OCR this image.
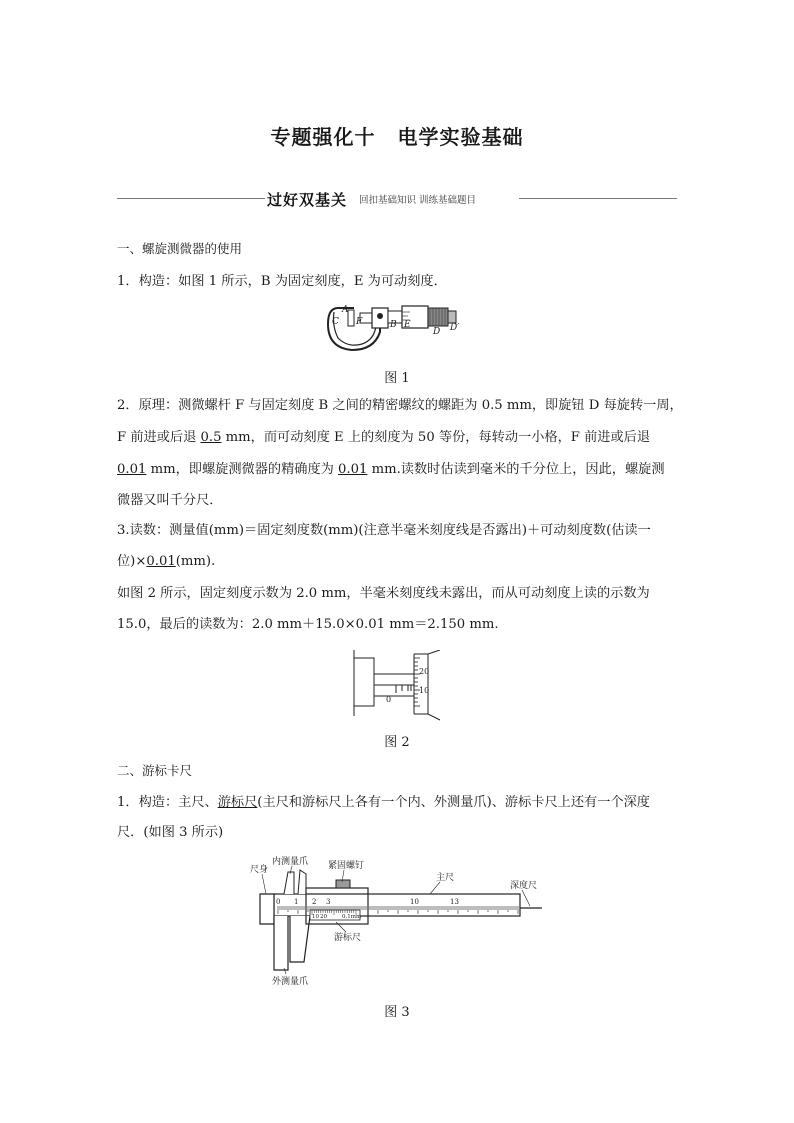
专题强化十 电学实验基础
过好双基关 回扣基础知识 训练基础题目
一、螺旋测微器的使用
1．构造：如图 1 所示，B 为固定刻度，E 为可动刻度．
A
C F	B E
D D′
图 1
2．原理：测微螺杆 F 与固定刻度 B 之间的精密螺纹的螺距为 0.5 mm，即旋钮 D 每旋转一周，
F 前进或后退 0.5 mm，而可动刻度 E 上的刻度为 50 等份，每转动一小格，F 前进或后退
0.01 mm，即螺旋测微器的精确度为 0.01 mm.读数时估读到毫米的千分位上，因此，螺旋测
微器又叫千分尺．
3.读数：测量值(mm)＝固定刻度数(mm)(注意半毫米刻度线是否露出)＋可动刻度数(估读一
位)×0.01(mm).
如图 2 所示，固定刻度示数为 2.0 mm，半毫米刻度线未露出，而从可动刻度上读的示数为
15.0，最后的读数为：2.0 mm＋15.0×0.01 mm＝2.150 mm.
20
10
0
图 2
二、游标卡尺
1．构造：主尺、游标尺(主尺和游标尺上各有一个内、外测量爪)、游标卡尺上还有一个深度
尺．(如图 3 所示)
0 1 2 3	10	13
10 20	0.1mm
尺身
内测量爪 紧固螺钉
主尺
深度尺
游标尺
外测量爪
图 3
